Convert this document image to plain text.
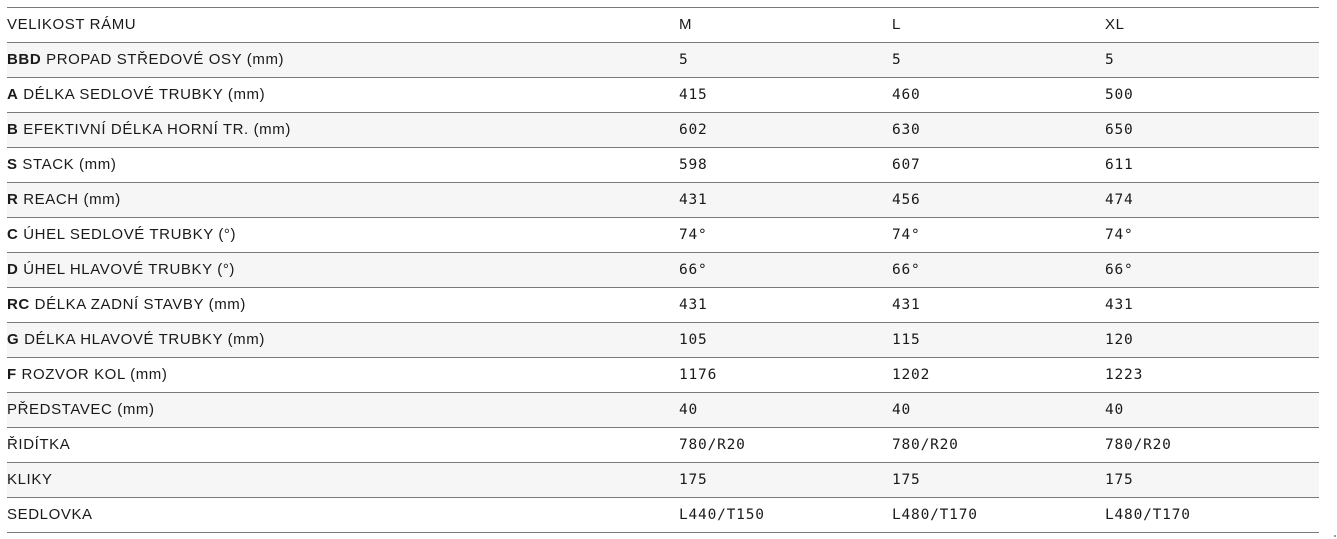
VELIKOST RÁMU	M	L	XL
BBD PROPAD STŘEDOVÉ OSY (mm)	5	5	5
A DÉLKA SEDLOVÉ TRUBKY (mm)	415	460	500
B EFEKTIVNÍ DÉLKA HORNÍ TR. (mm)	602	630	650
S STACK (mm)	598	607	611
R REACH (mm)	431	456	474
C ÚHEL SEDLOVÉ TRUBKY (°)	74°	74°	74°
D ÚHEL HLAVOVÉ TRUBKY (°)	66°	66°	66°
RC DÉLKA ZADNÍ STAVBY (mm)	431	431	431
G DÉLKA HLAVOVÉ TRUBKY (mm)	105	115	120
F ROZVOR KOL (mm)	1176	1202	1223
PŘEDSTAVEC (mm)	40	40	40
ŘIDÍTKA	780/R20	780/R20	780/R20
KLIKY	175	175	175
SEDLOVKA	L440/T150	L480/T170	L480/T170
